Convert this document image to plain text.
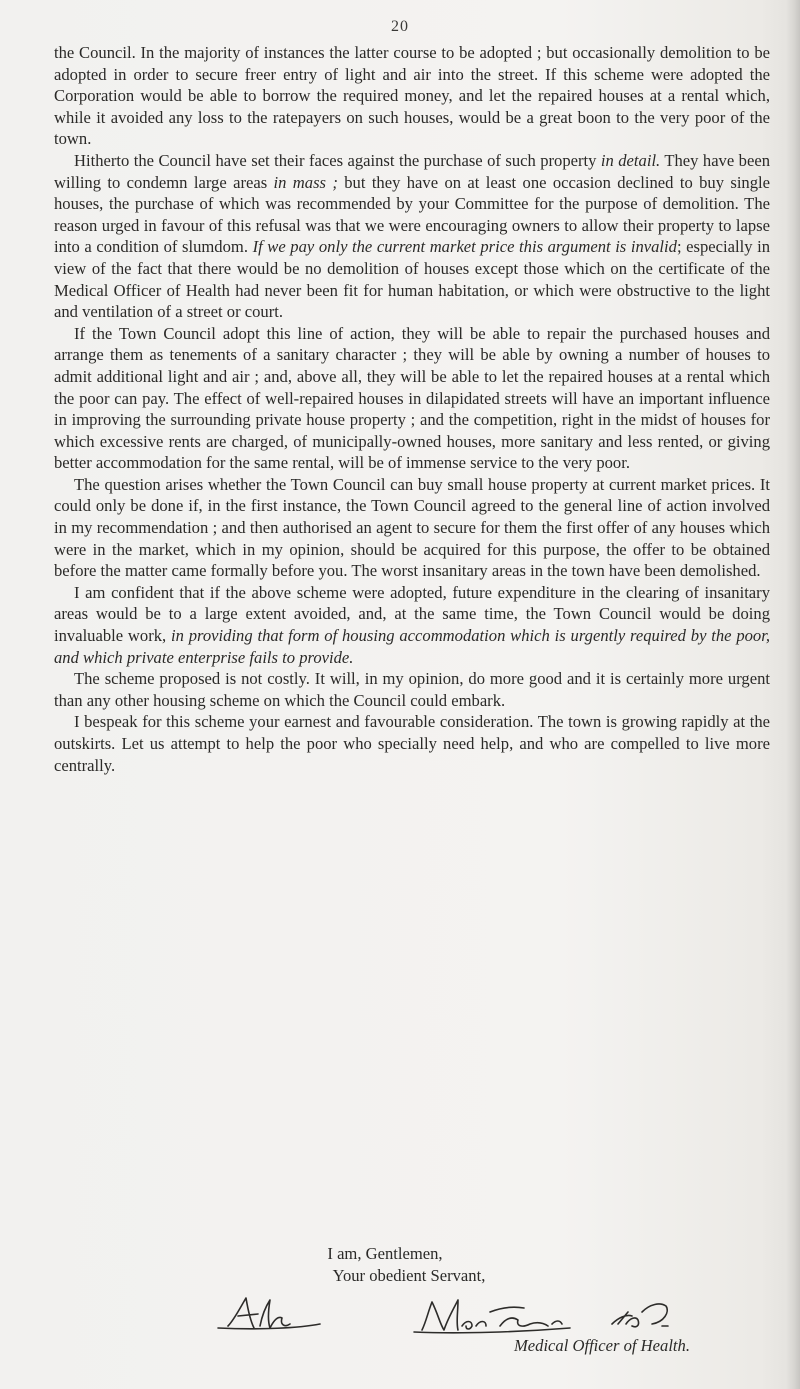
20

the Council. In the majority of instances the latter course to be adopted ; but occasionally demolition to be adopted in order to secure freer entry of light and air into the street. If this scheme were adopted the Corporation would be able to borrow the required money, and let the repaired houses at a rental which, while it avoided any loss to the ratepayers on such houses, would be a great boon to the very poor of the town.

Hitherto the Council have set their faces against the purchase of such property in detail. They have been willing to condemn large areas in mass ; but they have on at least one occasion declined to buy single houses, the purchase of which was recommended by your Committee for the purpose of demolition. The reason urged in favour of this refusal was that we were encouraging owners to allow their property to lapse into a condition of slumdom. If we pay only the current market price this argument is invalid; especially in view of the fact that there would be no demolition of houses except those which on the certificate of the Medical Officer of Health had never been fit for human habitation, or which were obstructive to the light and ventilation of a street or court.

If the Town Council adopt this line of action, they will be able to repair the purchased houses and arrange them as tenements of a sanitary character ; they will be able by owning a number of houses to admit additional light and air ; and, above all, they will be able to let the repaired houses at a rental which the poor can pay. The effect of well-repaired houses in dilapidated streets will have an important influence in improving the surrounding private house property ; and the competition, right in the midst of houses for which excessive rents are charged, of municipally-owned houses, more sanitary and less rented, or giving better accommodation for the same rental, will be of immense service to the very poor.

The question arises whether the Town Council can buy small house property at current market prices. It could only be done if, in the first instance, the Town Council agreed to the general line of action involved in my recommendation ; and then authorised an agent to secure for them the first offer of any houses which were in the market, which in my opinion, should be acquired for this purpose, the offer to be obtained before the matter came formally before you. The worst insanitary areas in the town have been demolished.

I am confident that if the above scheme were adopted, future expenditure in the clearing of insanitary areas would be to a large extent avoided, and, at the same time, the Town Council would be doing invaluable work, in providing that form of housing accommodation which is urgently required by the poor, and which private enterprise fails to provide.

The scheme proposed is not costly. It will, in my opinion, do more good and it is certainly more urgent than any other housing scheme on which the Council could embark.

I bespeak for this scheme your earnest and favourable consideration. The town is growing rapidly at the outskirts. Let us attempt to help the poor who specially need help, and who are compelled to live more centrally.

I am, Gentlemen,
Your obedient Servant,
Medical Officer of Health.
